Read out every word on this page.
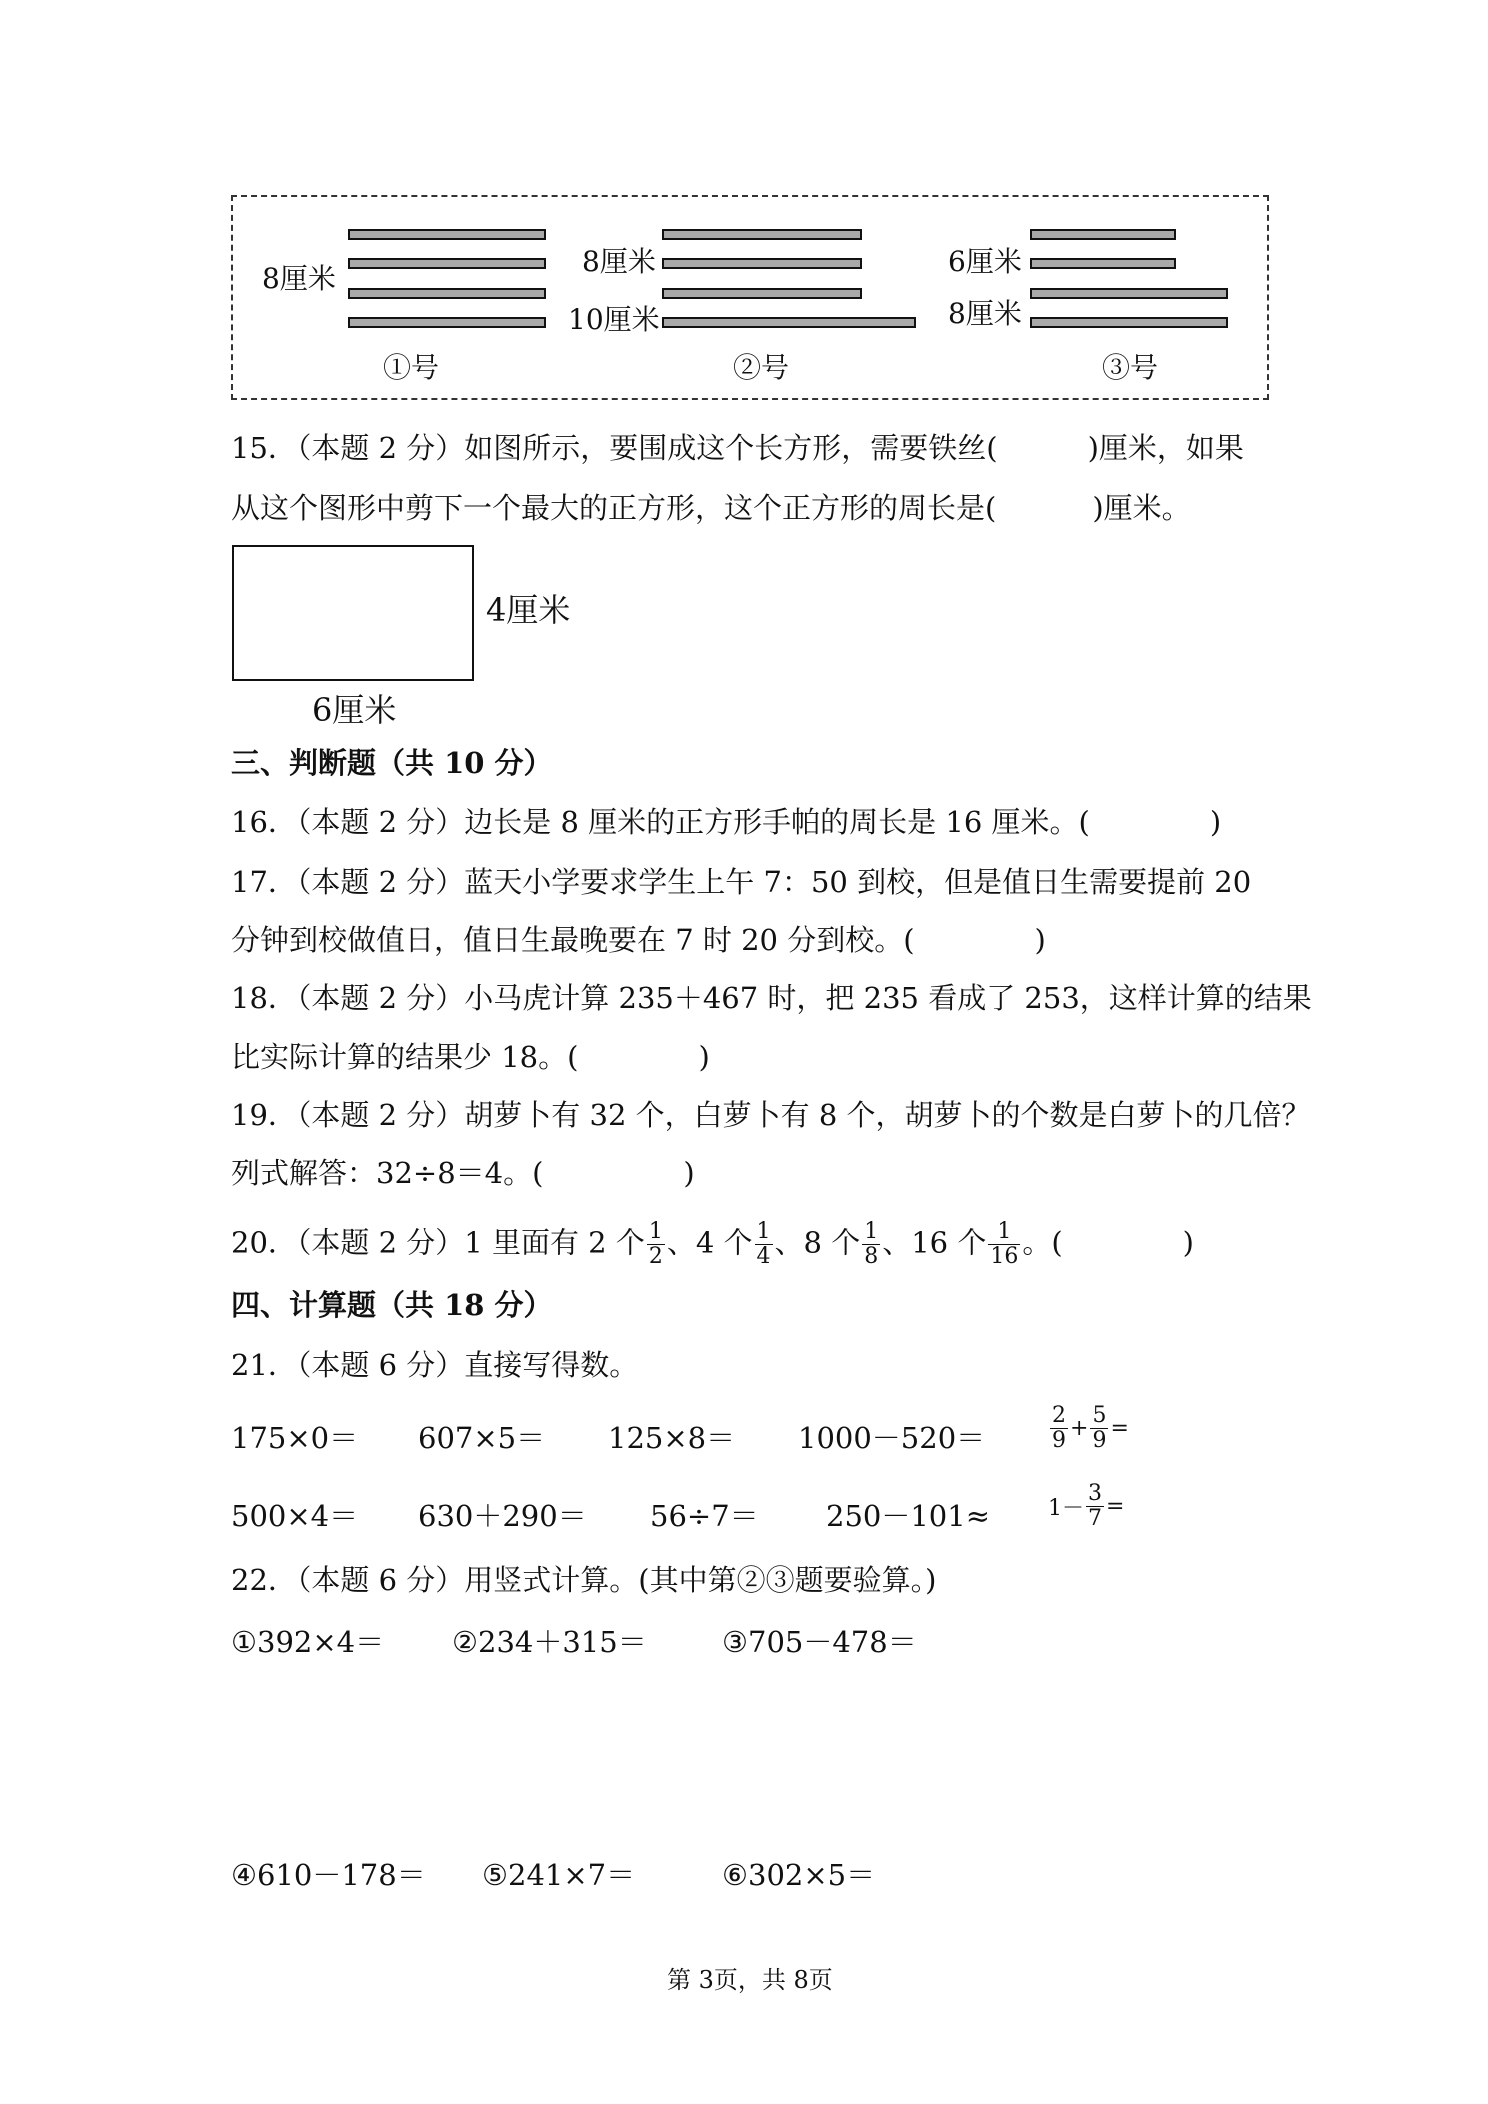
8厘米
①号
8厘米
10厘米
②号
6厘米
8厘米
③号
15．（本题 2 分）如图所示，要围成这个长方形，需要铁丝(	)厘米，如果
从这个图形中剪下一个最大的正方形，这个正方形的周长是(	)厘米。
4厘米
6厘米
三、判断题（共 10 分）
16．（本题 2 分）边长是 8 厘米的正方形手帕的周长是 16 厘米。(	)
17．（本题 2 分）蓝天小学要求学生上午 7：50 到校，但是值日生需要提前 20
分钟到校做值日，值日生最晚要在 7 时 20 分到校。(	)
18．（本题 2 分）小马虎计算 235＋467 时，把 235 看成了 253，这样计算的结果
比实际计算的结果少 18。(	)
19．（本题 2 分）胡萝卜有 32 个，白萝卜有 8 个，胡萝卜的个数是白萝卜的几倍？
列式解答：32÷8＝4。(	)
20．（本题 2 分）1 里面有 2 个 $\frac{1}{2}$ 、4 个 $\frac{1}{4}$ 、8 个 $\frac{1}{8}$ 、16 个 $\frac{1}{16}$ 。(	)
四、计算题（共 18 分）
21．（本题 6 分）直接写得数。
175×0＝ 607×5＝ 125×8＝ 1000－520＝	$\frac{2}{9} + \frac{5}{9}$ =
500×4＝ 630＋290＝ 56÷7＝ 250－101≈	$1- \frac{3}{7}$ =
22．（本题 6 分）用竖式计算。(其中第②③题要验算。)
①392×4＝ ②234＋315＝	③705－478＝
④610－178＝ ⑤241×7＝	⑥302×5＝
第 3页，共 8页
